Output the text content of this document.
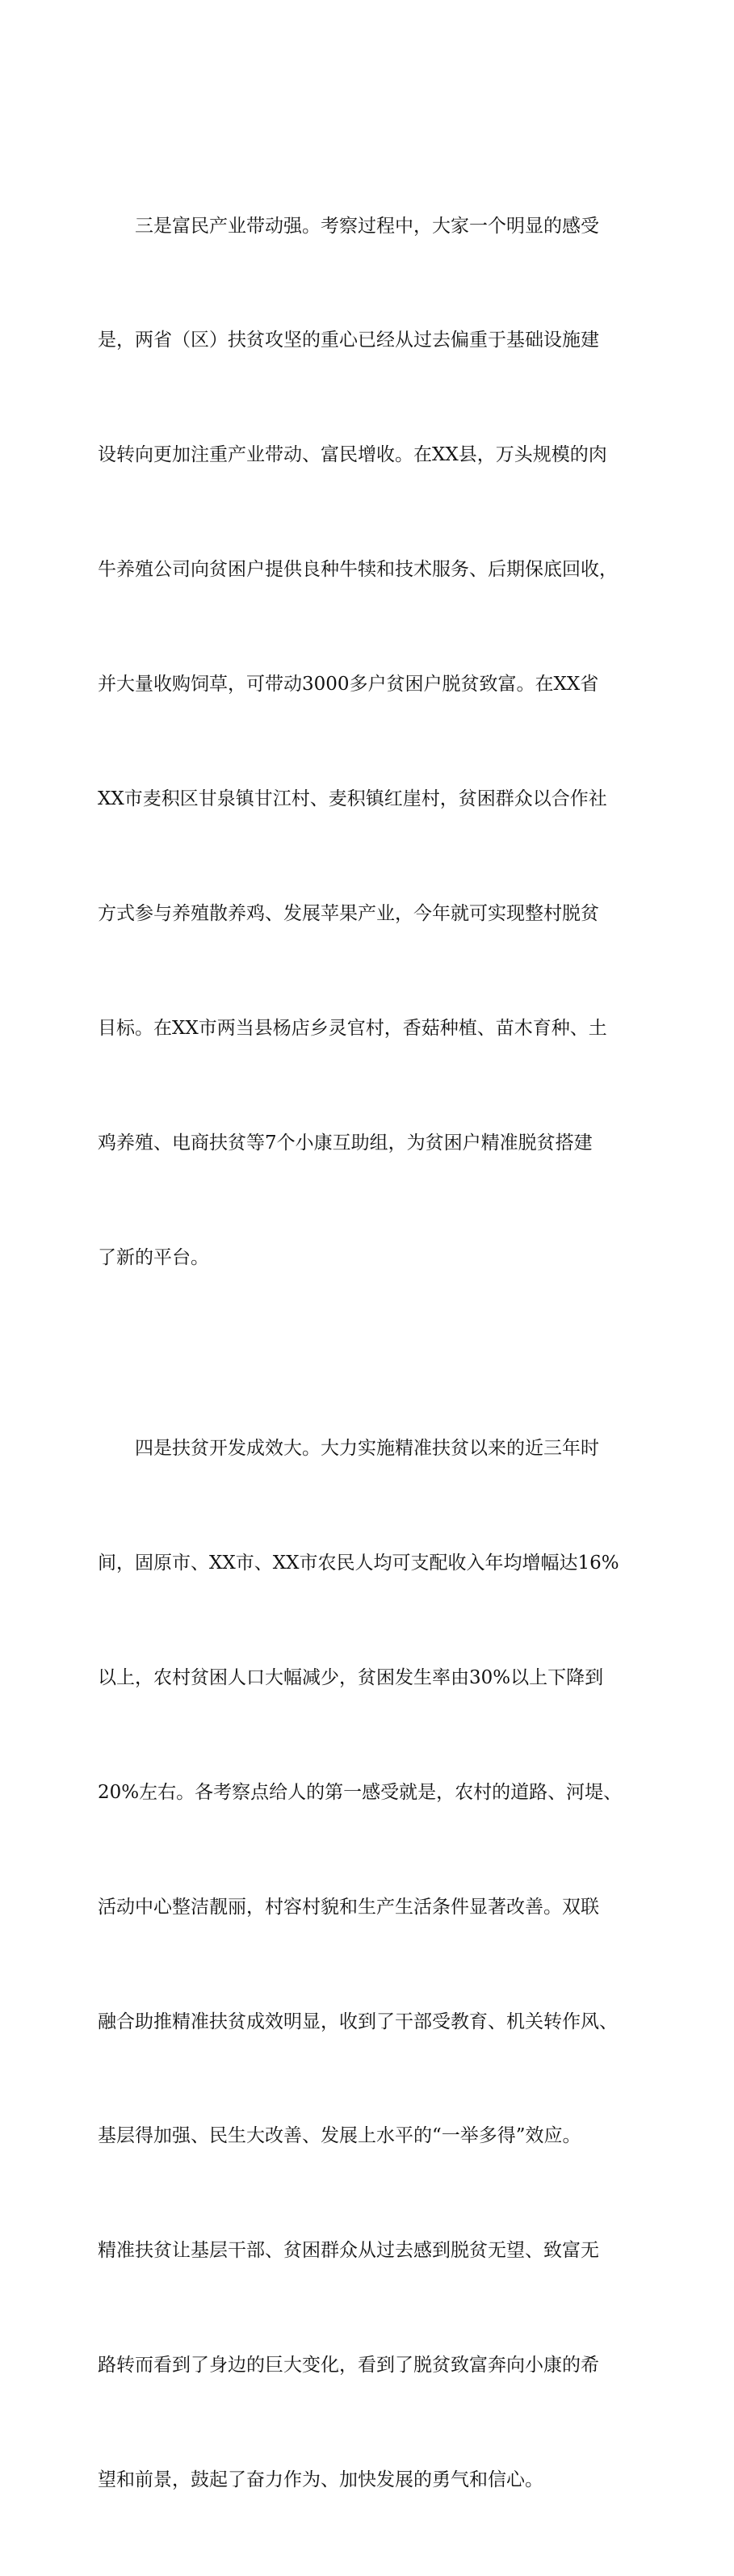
三是富民产业带动强。考察过程中，大家一个明显的感受

是，两省（区）扶贫攻坚的重心已经从过去偏重于基础设施建

设转向更加注重产业带动、富民增收。在XX县，万头规模的肉

牛养殖公司向贫困户提供良种牛犊和技术服务、后期保底回收，

并大量收购饲草，可带动3000多户贫困户脱贫致富。在XX省

XX市麦积区甘泉镇甘江村、麦积镇红崖村，贫困群众以合作社

方式参与养殖散养鸡、发展苹果产业，今年就可实现整村脱贫

目标。在XX市两当县杨店乡灵官村，香菇种植、苗木育种、土

鸡养殖、电商扶贫等7个小康互助组，为贫困户精准脱贫搭建

了新的平台。

四是扶贫开发成效大。大力实施精准扶贫以来的近三年时

间，固原市、XX市、XX市农民人均可支配收入年均增幅达16%

以上，农村贫困人口大幅减少，贫困发生率由30%以上下降到

20%左右。各考察点给人的第一感受就是，农村的道路、河堤、

活动中心整洁靓丽，村容村貌和生产生活条件显著改善。双联

融合助推精准扶贫成效明显，收到了干部受教育、机关转作风、

基层得加强、民生大改善、发展上水平的“一举多得”效应。

精准扶贫让基层干部、贫困群众从过去感到脱贫无望、致富无

路转而看到了身边的巨大变化，看到了脱贫致富奔向小康的希

望和前景，鼓起了奋力作为、加快发展的勇气和信心。
